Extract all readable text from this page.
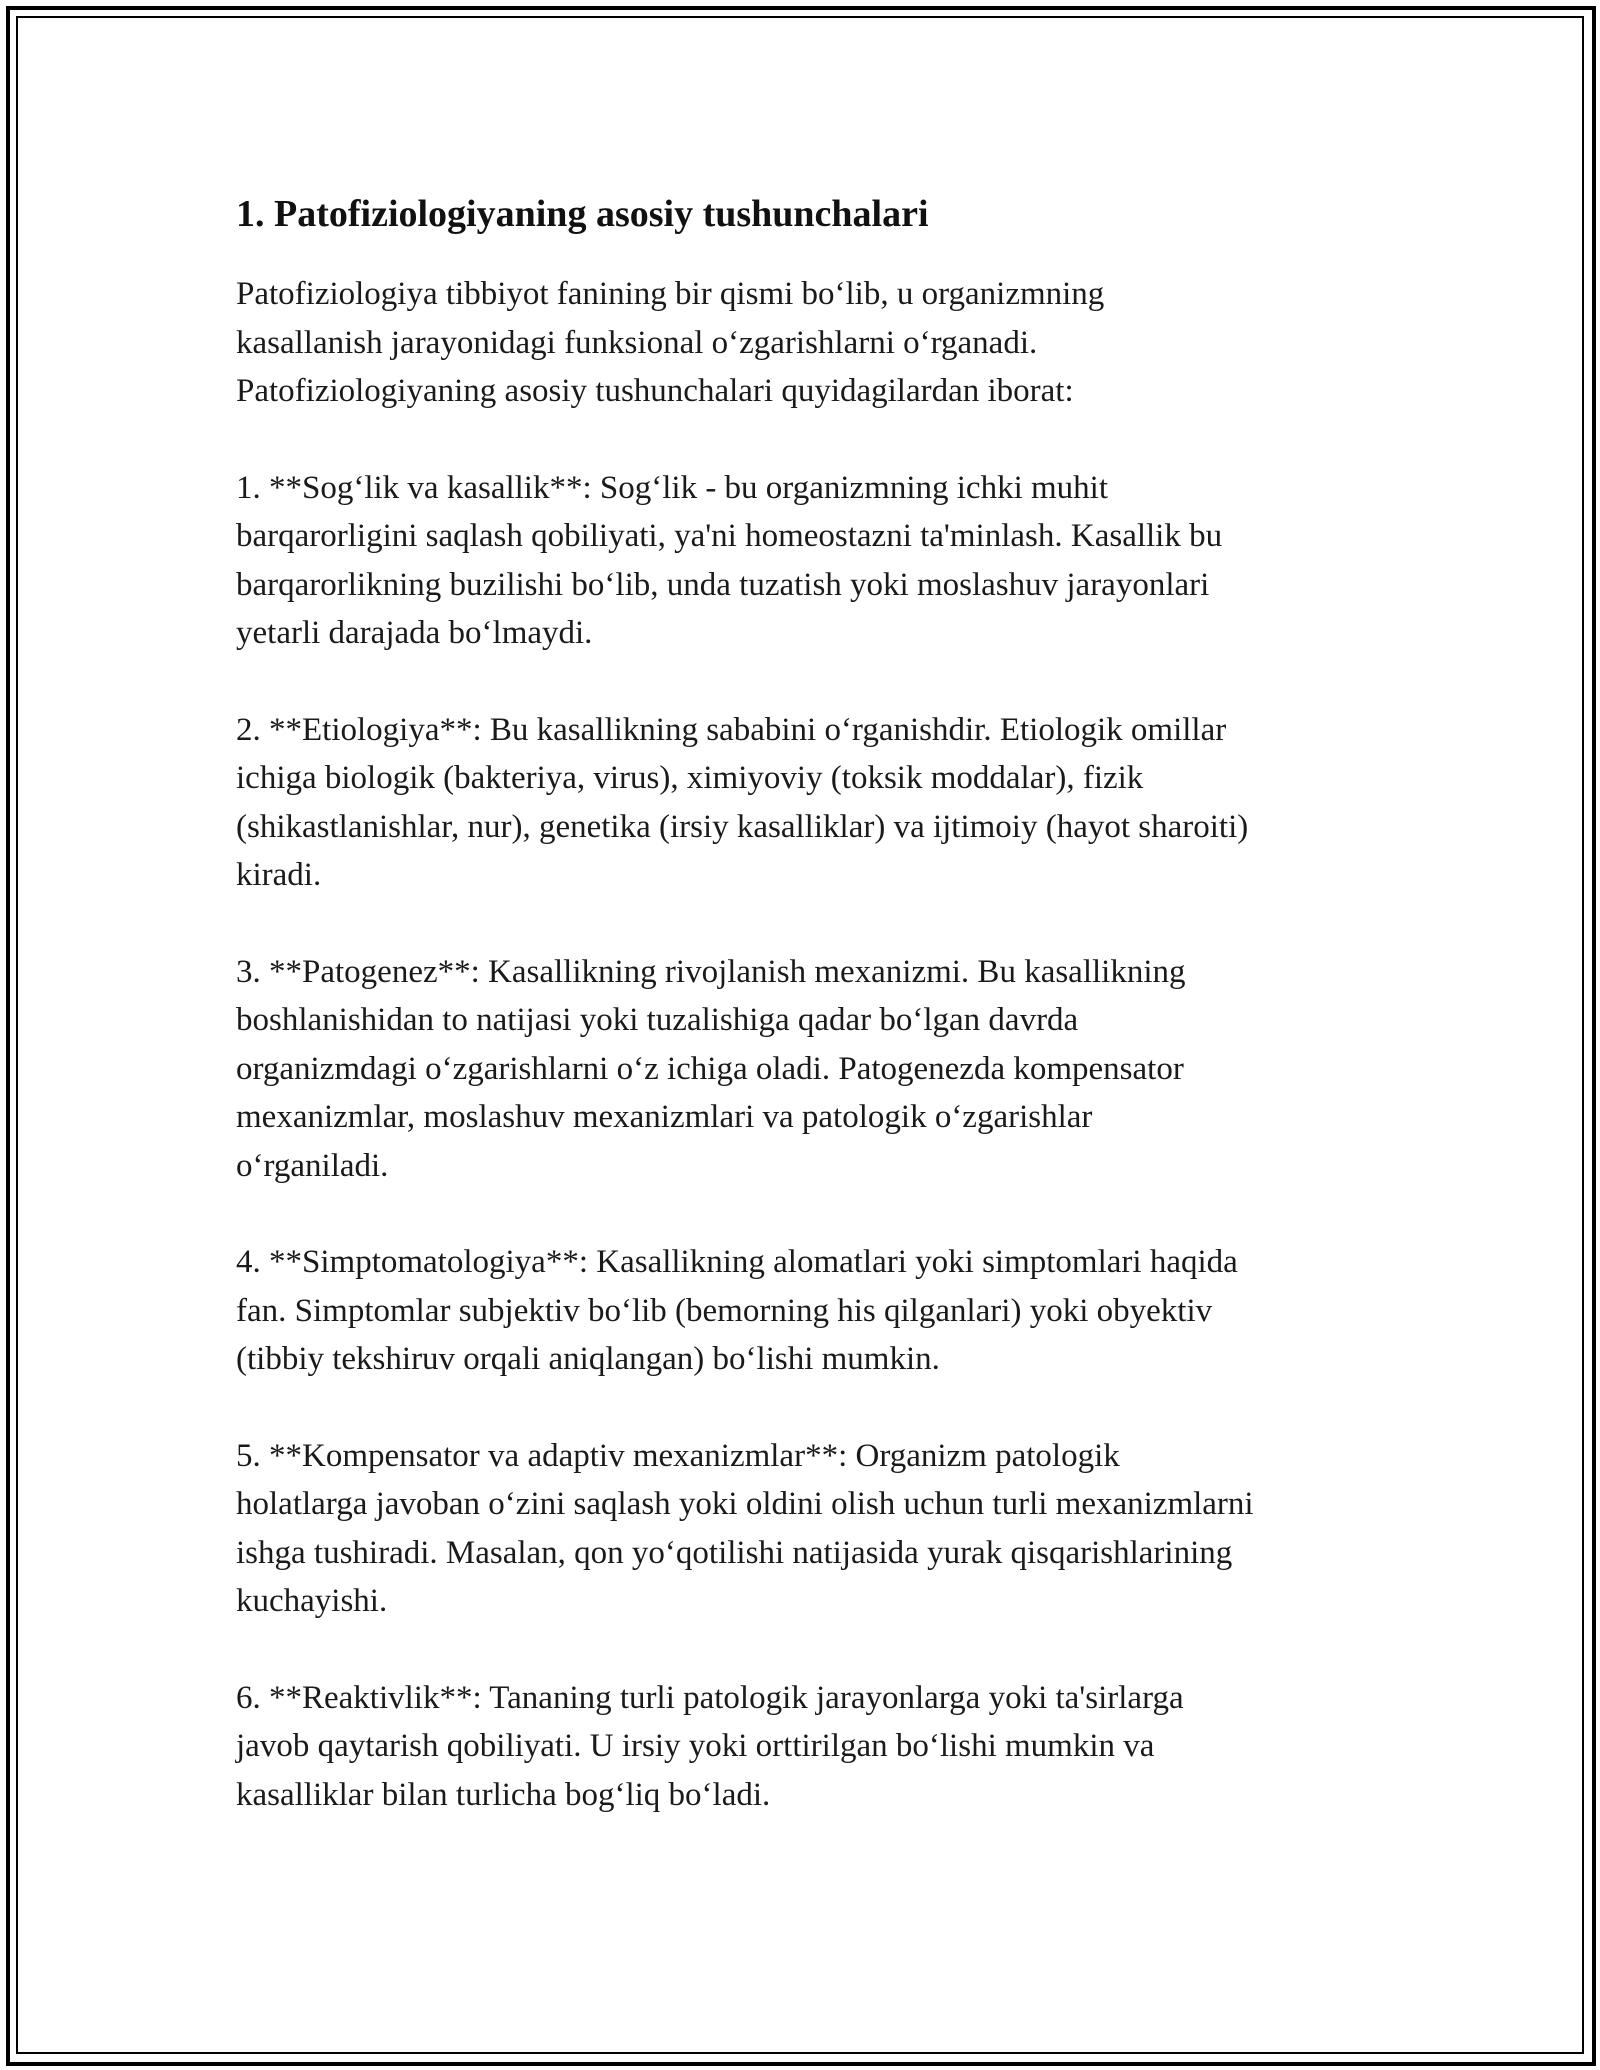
1. Patofiziologiyaning asosiy tushunchalari

Patofiziologiya tibbiyot fanining bir qismi bo‘lib, u organizmning
kasallanish jarayonidagi funksional o‘zgarishlarni o‘rganadi.
Patofiziologiyaning asosiy tushunchalari quyidagilardan iborat:

1. **Sog‘lik va kasallik**: Sog‘lik - bu organizmning ichki muhit
barqarorligini saqlash qobiliyati, ya'ni homeostazni ta'minlash. Kasallik bu
barqarorlikning buzilishi bo‘lib, unda tuzatish yoki moslashuv jarayonlari
yetarli darajada bo‘lmaydi.

2. **Etiologiya**: Bu kasallikning sababini o‘rganishdir. Etiologik omillar
ichiga biologik (bakteriya, virus), ximiyoviy (toksik moddalar), fizik
(shikastlanishlar, nur), genetika (irsiy kasalliklar) va ijtimoiy (hayot sharoiti)
kiradi.

3. **Patogenez**: Kasallikning rivojlanish mexanizmi. Bu kasallikning
boshlanishidan to natijasi yoki tuzalishiga qadar bo‘lgan davrda
organizmdagi o‘zgarishlarni o‘z ichiga oladi. Patogenezda kompensator
mexanizmlar, moslashuv mexanizmlari va patologik o‘zgarishlar
o‘rganiladi.

4. **Simptomatologiya**: Kasallikning alomatlari yoki simptomlari haqida
fan. Simptomlar subjektiv bo‘lib (bemorning his qilganlari) yoki obyektiv
(tibbiy tekshiruv orqali aniqlangan) bo‘lishi mumkin.

5. **Kompensator va adaptiv mexanizmlar**: Organizm patologik
holatlarga javoban o‘zini saqlash yoki oldini olish uchun turli mexanizmlarni
ishga tushiradi. Masalan, qon yo‘qotilishi natijasida yurak qisqarishlarining
kuchayishi.

6. **Reaktivlik**: Tananing turli patologik jarayonlarga yoki ta'sirlarga
javob qaytarish qobiliyati. U irsiy yoki orttirilgan bo‘lishi mumkin va
kasalliklar bilan turlicha bog‘liq bo‘ladi.
